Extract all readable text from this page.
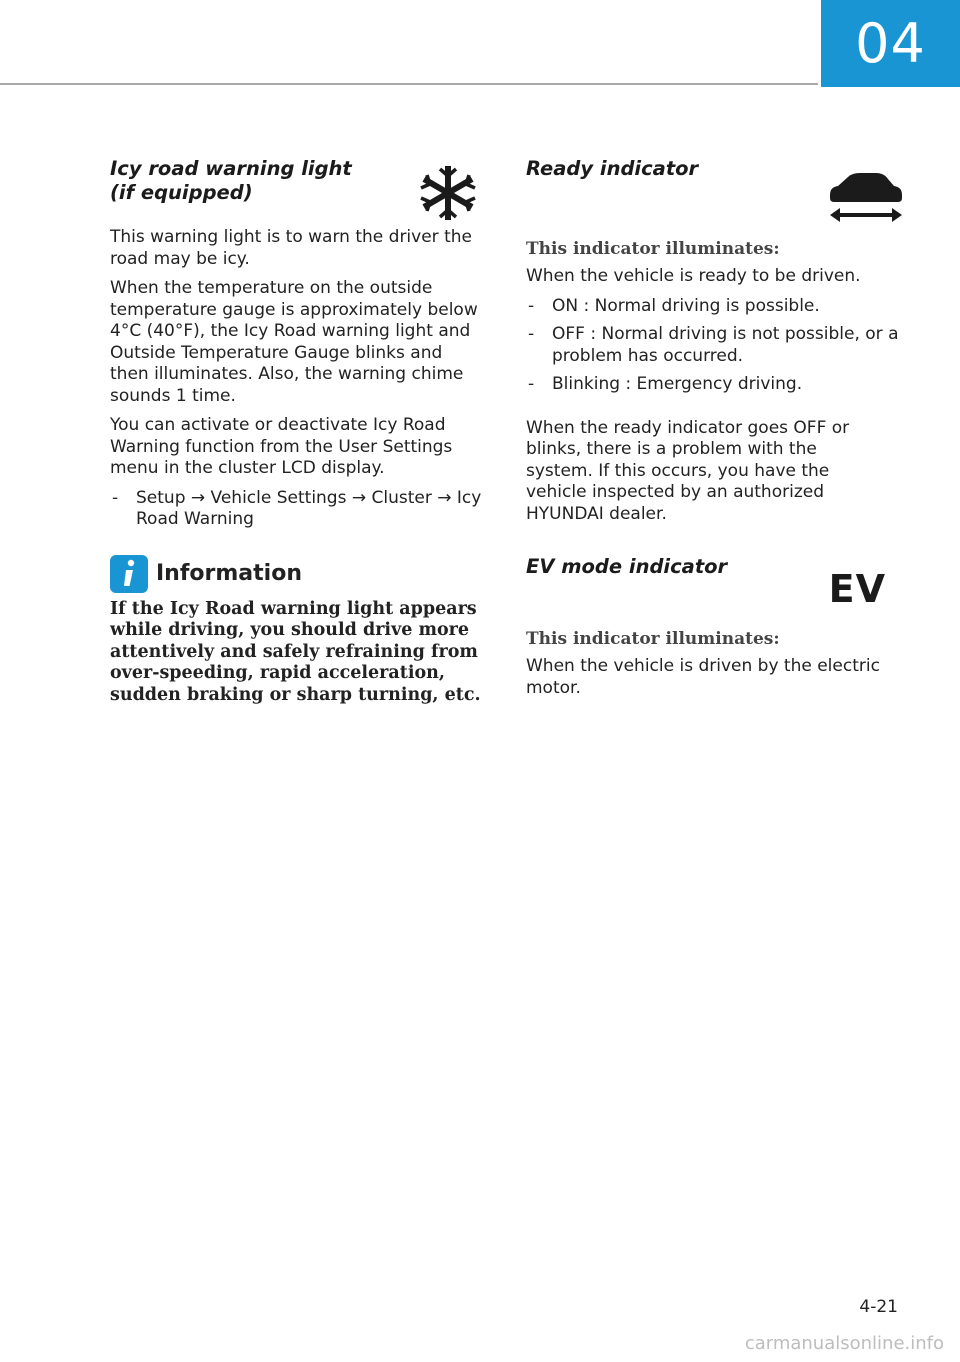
04
Icy road warning light
(if equipped)

This warning light is to warn the driver the road may be icy.

When the temperature on the outside temperature gauge is approximately below 4°C (40°F), the Icy Road warning light and Outside Temperature Gauge blinks and then illuminates. Also, the warning chime sounds 1 time.

You can activate or deactivate Icy Road Warning function from the User Settings menu in the cluster LCD display.

- Setup → Vehicle Settings → Cluster → Icy Road Warning
Information

If the Icy Road warning light appears while driving, you should drive more attentively and safely refraining from over-speeding, rapid acceleration, sudden braking or sharp turning, etc.

Ready indicator

This indicator illuminates:

When the vehicle is ready to be driven.

- ON : Normal driving is possible.
- OFF : Normal driving is not possible, or a problem has occurred.
- Blinking : Emergency driving.

When the ready indicator goes OFF or blinks, there is a problem with the system. If this occurs, you have the vehicle inspected by an authorized HYUNDAI dealer.

EV mode indicator
EV

This indicator illuminates:

When the vehicle is driven by the electric motor.

4-21
carmanualsonline.info
